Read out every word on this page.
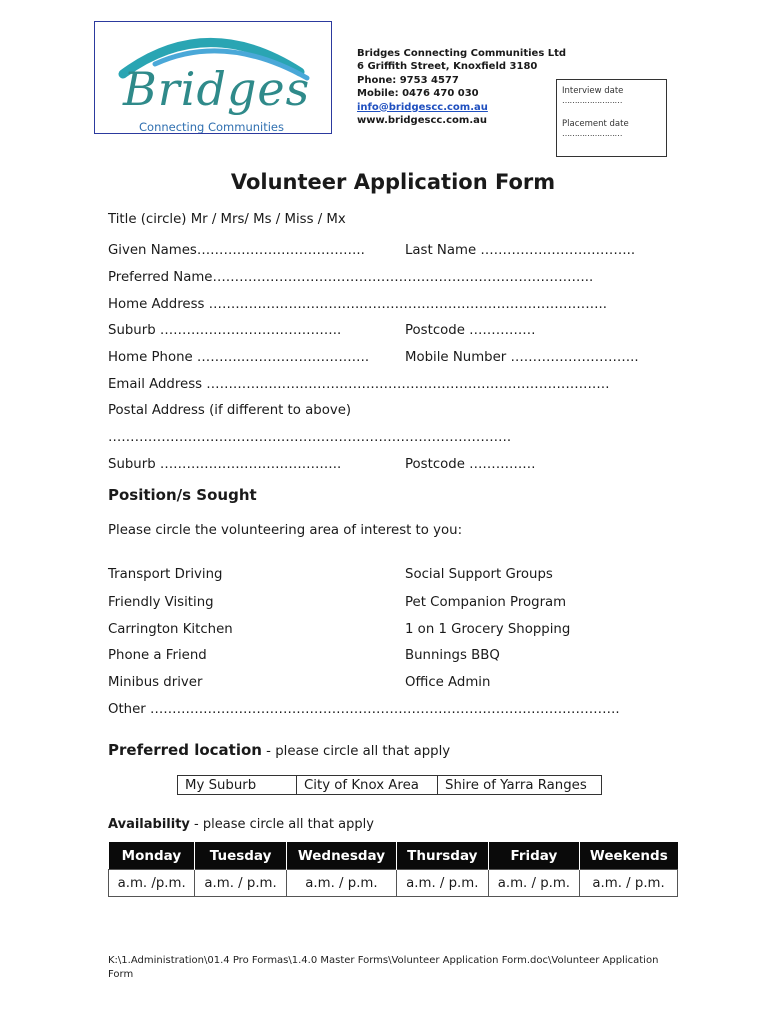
Bridges
Connecting Communities
Bridges Connecting Communities Ltd
6 Griffith Street, Knoxfield 3180
Phone: 9753 4577
Mobile: 0476 470 030
info@bridgescc.com.au
www.bridgescc.com.au
Interview date
……………………
Placement date
……………………
Volunteer Application Form
Title (circle) Mr / Mrs/ Ms / Miss / Mx
Given Names………………………………..	Last Name ……………………………..
Preferred Name…………………………………………………………………………..
Home Address …………………………….………………………………………………..
Suburb …………………………………..	Postcode ……………
Home Phone ………..……………………….	Mobile Number ………………………..
Email Address ……………………………………………………………………………….
Postal Address (if different to above)
……………………………………………………………………………….
Suburb …………………………………..	Postcode ……………
Position/s Sought
Please circle the volunteering area of interest to you:
Transport Driving	Social Support Groups
Friendly Visiting	Pet Companion Program
Carrington Kitchen	1 on 1 Grocery Shopping
Phone a Friend	Bunnings BBQ
Minibus driver	Office Admin
Other …………………………………………………………………………………………….
Preferred location - please circle all that apply
My Suburb	City of Knox Area	Shire of Yarra Ranges
Availability - please circle all that apply
Monday	Tuesday	Wednesday	Thursday	Friday	Weekends
a.m. /p.m.	a.m. / p.m.	a.m. / p.m.	a.m. / p.m.	a.m. / p.m.	a.m. / p.m.
K:\1.Administration\01.4 Pro Formas\1.4.0 Master Forms\Volunteer Application Form.doc\Volunteer Application Form
